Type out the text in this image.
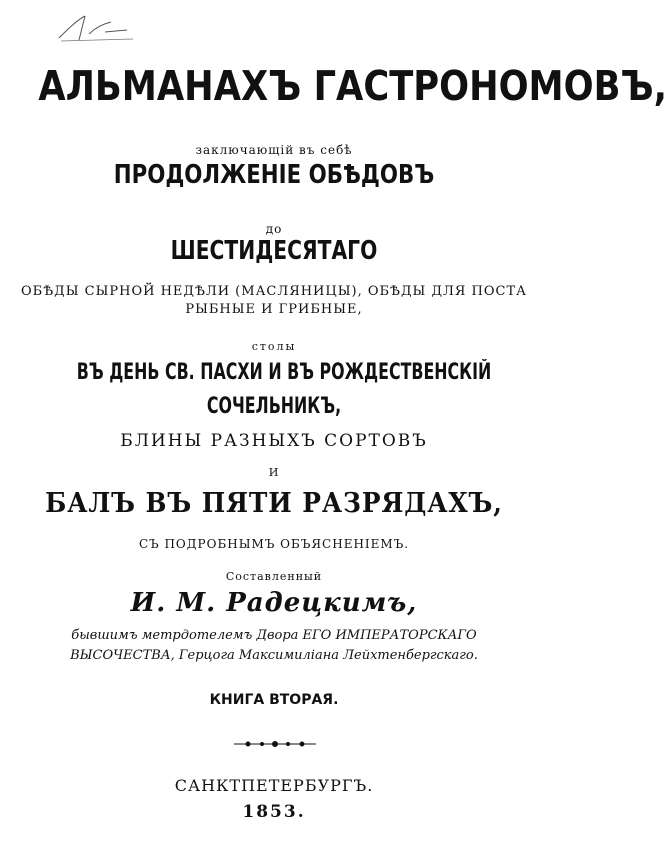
АЛЬМАНАХЪ ГАСТРОНОМОВЪ,
заключающій въ себѣ
ПРОДОЛЖЕНІЕ ОБѢДОВЪ
до
ШЕСТИДЕСЯТАГО
ОБѢДЫ СЫРНОЙ НЕДѢЛИ (МАСЛЯНИЦЫ), ОБѢДЫ ДЛЯ ПОСТА
РЫБНЫЕ И ГРИБНЫЕ,
столы
ВЪ ДЕНЬ СВ. ПАСХИ И ВЪ РОЖДЕСТВЕНСКІЙ
СОЧЕЛЬНИКЪ,
БЛИНЫ РАЗНЫХЪ СОРТОВЪ
И
БАЛЪ ВЪ ПЯТИ РАЗРЯДАХЪ,
СЪ ПОДРОБНЫМЪ ОБЪЯСНЕНІЕМЪ.
Составленный
И. М. Радецкимъ,
бывшимъ метрдотелемъ Двора ЕГО ИМПЕРАТОРСКАГО
ВЫСОЧЕСТВА, Герцога Максимиліана Лейхтенбергскаго.
КНИГА ВТОРАЯ.
САНКТПЕТЕРБУРГЪ.
1853.
